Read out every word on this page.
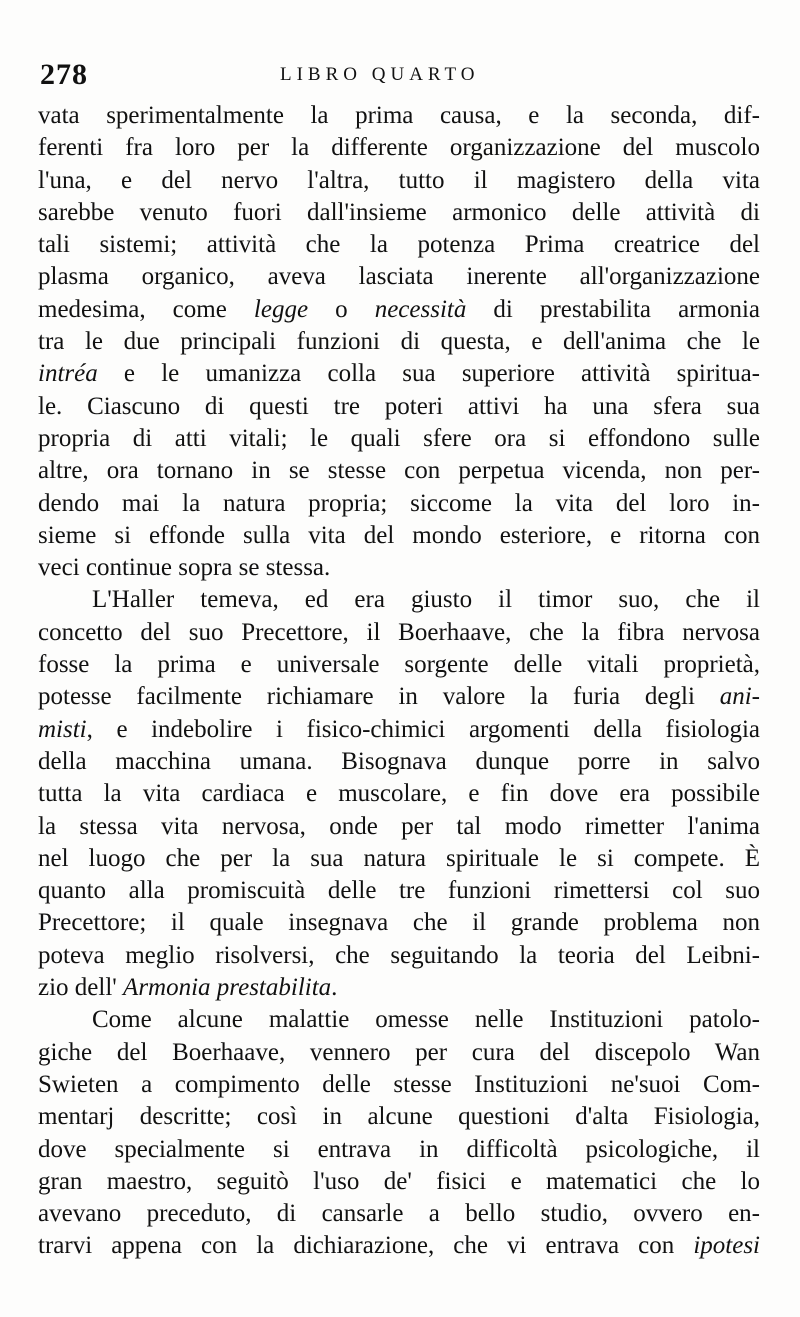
278	LIBRO QUARTO
vata sperimentalmente la prima causa, e la seconda, dif-
ferenti fra loro per la differente organizzazione del muscolo
l'una, e del nervo l'altra, tutto il magistero della vita
sarebbe venuto fuori dall'insieme armonico delle attività di
tali sistemi; attività che la potenza Prima creatrice del
plasma organico, aveva lasciata inerente all'organizzazione
medesima, come legge o necessità di prestabilita armonia
tra le due principali funzioni di questa, e dell'anima che le
intréa e le umanizza colla sua superiore attività spiritua-
le. Ciascuno di questi tre poteri attivi ha una sfera sua
propria di atti vitali; le quali sfere ora si effondono sulle
altre, ora tornano in se stesse con perpetua vicenda, non per-
dendo mai la natura propria; siccome la vita del loro in-
sieme si effonde sulla vita del mondo esteriore, e ritorna con
veci continue sopra se stessa.
L'Haller temeva, ed era giusto il timor suo, che il
concetto del suo Precettore, il Boerhaave, che la fibra nervosa
fosse la prima e universale sorgente delle vitali proprietà,
potesse facilmente richiamare in valore la furia degli ani-
misti, e indebolire i fisico-chimici argomenti della fisiologia
della macchina umana. Bisognava dunque porre in salvo
tutta la vita cardiaca e muscolare, e fin dove era possibile
la stessa vita nervosa, onde per tal modo rimetter l'anima
nel luogo che per la sua natura spirituale le si compete. È
quanto alla promiscuità delle tre funzioni rimettersi col suo
Precettore; il quale insegnava che il grande problema non
poteva meglio risolversi, che seguitando la teoria del Leibni-
zio dell' Armonia prestabilita.
Come alcune malattie omesse nelle Instituzioni patolo-
giche del Boerhaave, vennero per cura del discepolo Wan
Swieten a compimento delle stesse Instituzioni ne'suoi Com-
mentarj descritte; così in alcune questioni d'alta Fisiologia,
dove specialmente si entrava in difficoltà psicologiche, il
gran maestro, seguitò l'uso de' fisici e matematici che lo
avevano preceduto, di cansarle a bello studio, ovvero en-
trarvi appena con la dichiarazione, che vi entrava con ipotesi
